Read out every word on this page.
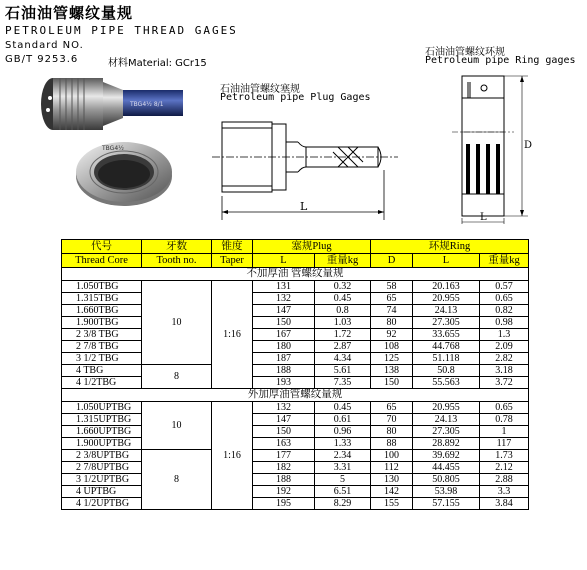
石油油管螺纹量规
PETROLEUM PIPE THREAD GAGES
Standard NO.
GB/T 9253.6	材料Material: GCr15
TBG4½ 8/1
TBG4½
石油油管螺纹塞规
Petroleum pipe Plug Gages
L
石油油管螺纹环规
Petroleum pipe Ring gages
D
L
代号	牙数	锥度	塞规Plug		环规Ring		
Thread Core	Tooth no.	Taper	L	重量kg	D	L	重量kg
不加厚油 管螺纹量规							
1.050TBG	10	1:16	131	0.32	58	20.163	0.57
1.315TBG			132	0.45	65	20.955	0.65
1.660TBG			147	0.8	74	24.13	0.82
1.900TBG			150	1.03	80	27.305	0.98
2 3/8 TBG			167	1.72	92	33.655	1.3
2 7/8 TBG			180	2.87	108	44.768	2.09
3 1/2 TBG			187	4.34	125	51.118	2.82
4 TBG	8		188	5.61	138	50.8	3.18
4 1/2TBG			193	7.35	150	55.563	3.72
外加厚油管螺纹量规							
1.050UPTBG	10	1:16	132	0.45	65	20.955	0.65
1.315UPTBG			147	0.61	70	24.13	0.78
1.660UPTBG			150	0.96	80	27.305	1
1.900UPTBG			163	1.33	88	28.892	117
2 3/8UPTBG	8		177	2.34	100	39.692	1.73
2 7/8UPTBG			182	3.31	112	44.455	2.12
3 1/2UPTBG			188	5	130	50.805	2.88
4 UPTBG			192	6.51	142	53.98	3.3
4 1/2UPTBG			195	8.29	155	57.155	3.84
